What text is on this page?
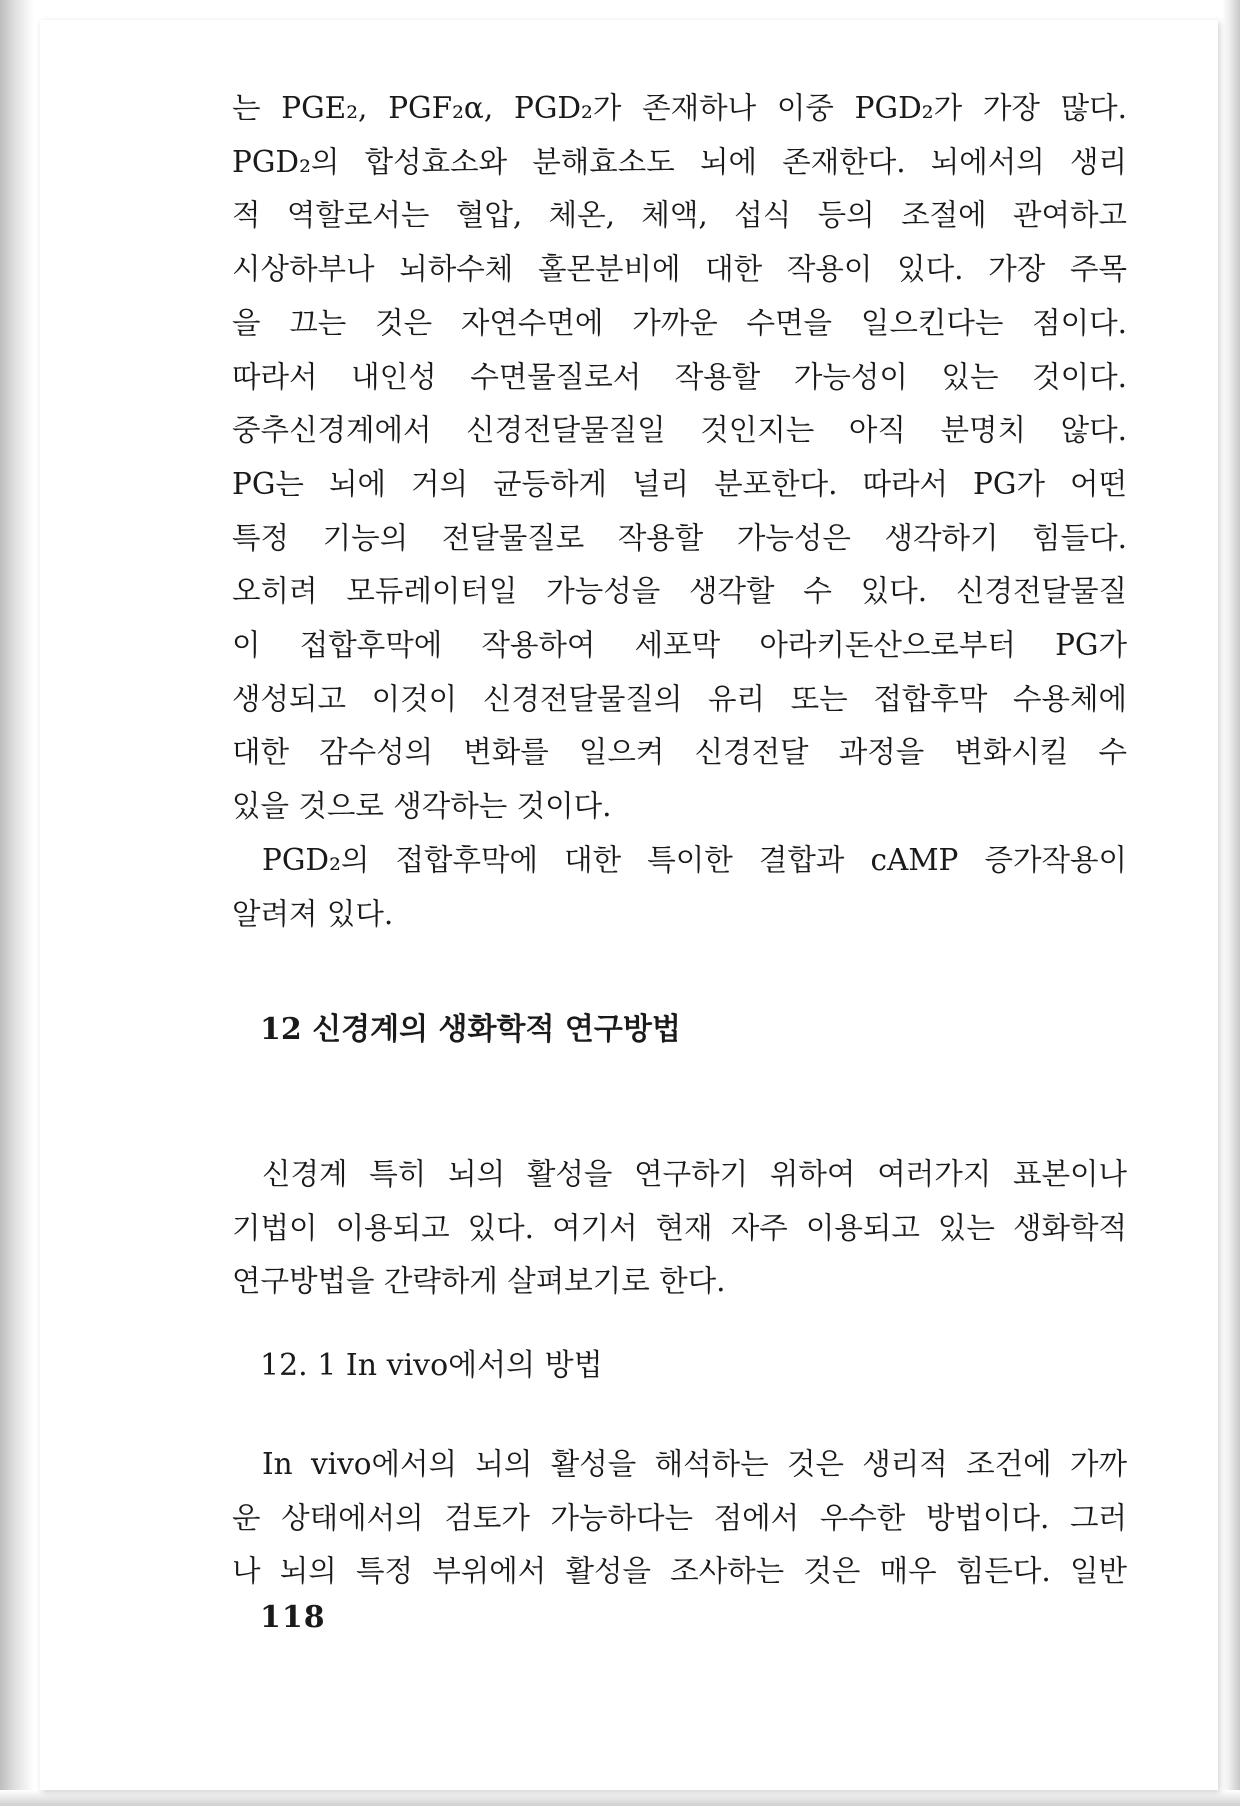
는 PGE₂, PGF₂α, PGD₂가 존재하나 이중 PGD₂가 가장 많다.
PGD₂의 합성효소와 분해효소도 뇌에 존재한다. 뇌에서의 생리
적 역할로서는 혈압, 체온, 체액, 섭식 등의 조절에 관여하고
시상하부나 뇌하수체 홀몬분비에 대한 작용이 있다. 가장 주목
을 끄는 것은 자연수면에 가까운 수면을 일으킨다는 점이다.
따라서 내인성 수면물질로서 작용할 가능성이 있는 것이다.
중추신경계에서 신경전달물질일 것인지는 아직 분명치 않다.
PG는 뇌에 거의 균등하게 널리 분포한다. 따라서 PG가 어떤
특정 기능의 전달물질로 작용할 가능성은 생각하기 힘들다.
오히려 모듀레이터일 가능성을 생각할 수 있다. 신경전달물질
이 접합후막에 작용하여 세포막 아라키돈산으로부터 PG가
생성되고 이것이 신경전달물질의 유리 또는 접합후막 수용체에
대한 감수성의 변화를 일으켜 신경전달 과정을 변화시킬 수
있을 것으로 생각하는 것이다.

PGD₂의 접합후막에 대한 특이한 결합과 cAMP 증가작용이
알려져 있다.

12 신경계의 생화학적 연구방법

신경계 특히 뇌의 활성을 연구하기 위하여 여러가지 표본이나
기법이 이용되고 있다. 여기서 현재 자주 이용되고 있는 생화학적
연구방법을 간략하게 살펴보기로 한다.

12. 1 In vivo에서의 방법

In vivo에서의 뇌의 활성을 해석하는 것은 생리적 조건에 가까
운 상태에서의 검토가 가능하다는 점에서 우수한 방법이다. 그러
나 뇌의 특정 부위에서 활성을 조사하는 것은 매우 힘든다. 일반

118
